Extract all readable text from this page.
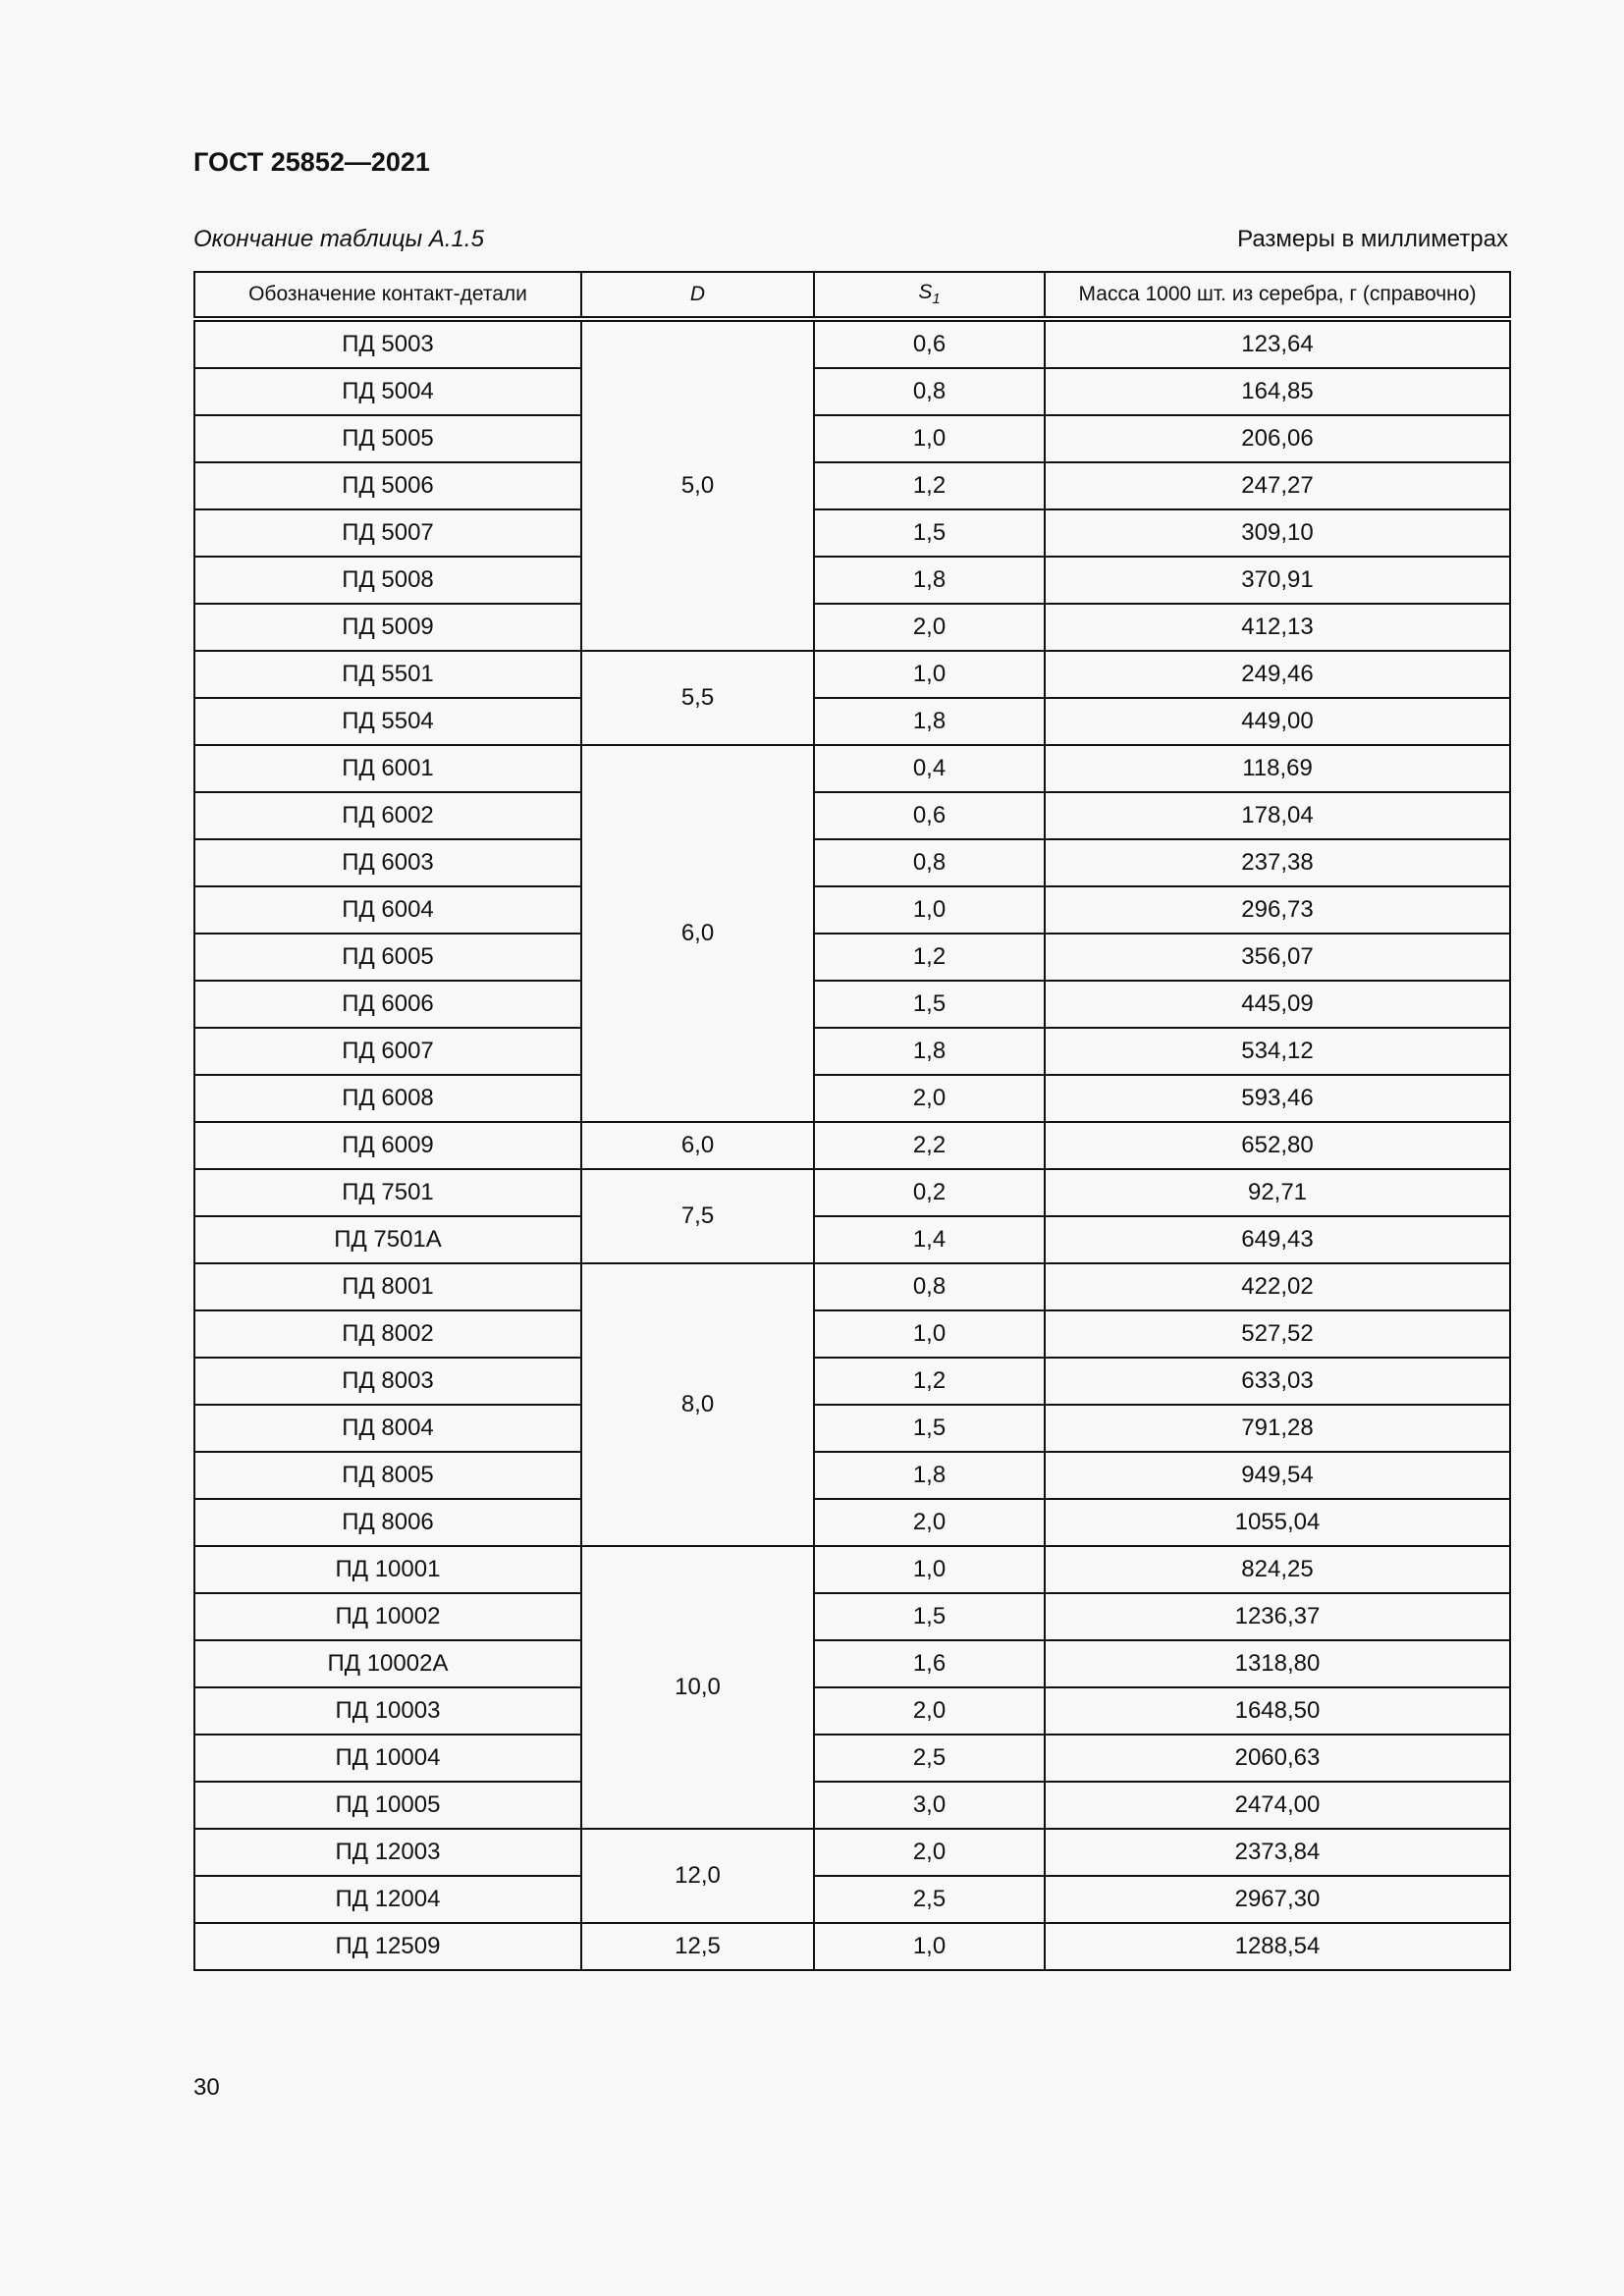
ГОСТ 25852—2021
Окончание таблицы А.1.5	Размеры в миллиметрах
Обозначение контакт-детали	D	$S_1$	Масса 1000 шт. из серебра, г (справочно)
ПД 5003	5,0	0,6	123,64
ПД 5004		0,8	164,85
ПД 5005		1,0	206,06
ПД 5006		1,2	247,27
ПД 5007		1,5	309,10
ПД 5008		1,8	370,91
ПД 5009		2,0	412,13
ПД 5501	5,5	1,0	249,46
ПД 5504		1,8	449,00
ПД 6001	6,0	0,4	118,69
ПД 6002		0,6	178,04
ПД 6003		0,8	237,38
ПД 6004		1,0	296,73
ПД 6005		1,2	356,07
ПД 6006		1,5	445,09
ПД 6007		1,8	534,12
ПД 6008		2,0	593,46
ПД 6009	6,0	2,2	652,80
ПД 7501	7,5	0,2	92,71
ПД 7501А		1,4	649,43
ПД 8001	8,0	0,8	422,02
ПД 8002		1,0	527,52
ПД 8003		1,2	633,03
ПД 8004		1,5	791,28
ПД 8005		1,8	949,54
ПД 8006		2,0	1055,04
ПД 10001	10,0	1,0	824,25
ПД 10002		1,5	1236,37
ПД 10002А		1,6	1318,80
ПД 10003		2,0	1648,50
ПД 10004		2,5	2060,63
ПД 10005		3,0	2474,00
ПД 12003	12,0	2,0	2373,84
ПД 12004		2,5	2967,30
ПД 12509	12,5	1,0	1288,54
30
